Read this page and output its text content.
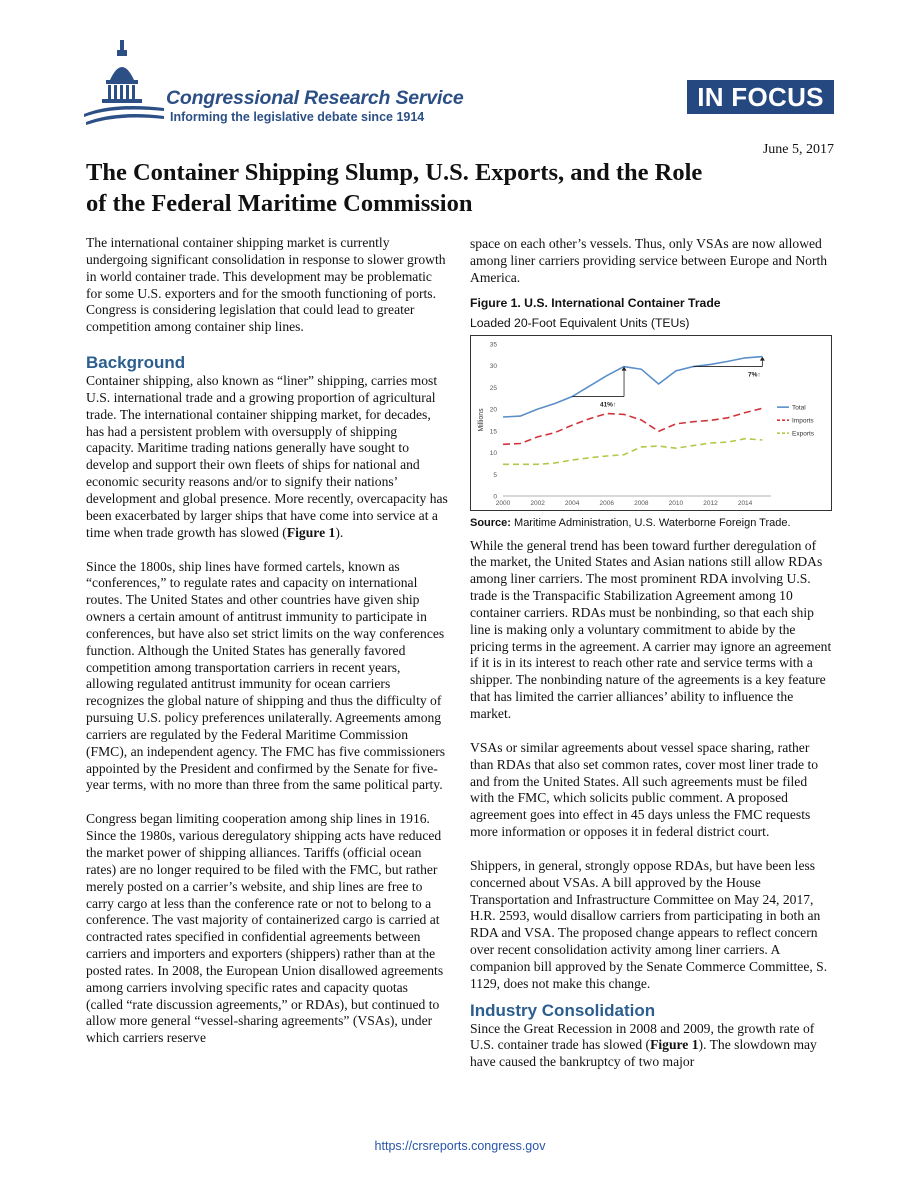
Congressional Research Service
Informing the legislative debate since 1914
IN FOCUS
June 5, 2017
The Container Shipping Slump, U.S. Exports, and the Role of the Federal Maritime Commission

The international container shipping market is currently undergoing significant consolidation in response to slower growth in world container trade. This development may be problematic for some U.S. exporters and for the smooth functioning of ports. Congress is considering legislation that could lead to greater competition among container ship lines.

Background

Container shipping, also known as “liner” shipping, carries most U.S. international trade and a growing proportion of agricultural trade. The international container shipping market, for decades, has had a persistent problem with oversupply of shipping capacity. Maritime trading nations generally have sought to develop and support their own fleets of ships for national and economic security reasons and/or to signify their nations’ development and global presence. More recently, overcapacity has been exacerbated by larger ships that have come into service at a time when trade growth has slowed (Figure 1).

Since the 1800s, ship lines have formed cartels, known as “conferences,” to regulate rates and capacity on international routes. The United States and other countries have given ship owners a certain amount of antitrust immunity to participate in conferences, but have also set strict limits on the way conferences function. Although the United States has generally favored competition among transportation carriers in recent years, allowing regulated antitrust immunity for ocean carriers recognizes the global nature of shipping and thus the difficulty of pursuing U.S. policy preferences unilaterally. Agreements among carriers are regulated by the Federal Maritime Commission (FMC), an independent agency. The FMC has five commissioners appointed by the President and confirmed by the Senate for five-year terms, with no more than three from the same political party.

Congress began limiting cooperation among ship lines in 1916. Since the 1980s, various deregulatory shipping acts have reduced the market power of shipping alliances. Tariffs (official ocean rates) are no longer required to be filed with the FMC, but rather merely posted on a carrier’s website, and ship lines are free to carry cargo at less than the conference rate or not to belong to a conference. The vast majority of containerized cargo is carried at contracted rates specified in confidential agreements between carriers and importers and exporters (shippers) rather than at the posted rates. In 2008, the European Union disallowed agreements among carriers involving specific rates and capacity quotas (called “rate discussion agreements,” or RDAs), but continued to allow more general “vessel-sharing agreements” (VSAs), under which carriers reserve

space on each other’s vessels. Thus, only VSAs are now allowed among liner carriers providing service between Europe and North America.

Figure 1. U.S. International Container Trade
Loaded 20-Foot Equivalent Units (TEUs)
0
5
10
15
20
25
30
35
2000	2002	2004	2006	2008	2010	2012	2014
Millions
41%↑
7%↑
Total
Imports
Exports
Source: Maritime Administration, U.S. Waterborne Foreign Trade.

While the general trend has been toward further deregulation of the market, the United States and Asian nations still allow RDAs among liner carriers. The most prominent RDA involving U.S. trade is the Transpacific Stabilization Agreement among 10 container carriers. RDAs must be nonbinding, so that each ship line is making only a voluntary commitment to abide by the pricing terms in the agreement. A carrier may ignore an agreement if it is in its interest to reach other rate and service terms with a shipper. The nonbinding nature of the agreements is a key feature that has limited the carrier alliances’ ability to influence the market.

VSAs or similar agreements about vessel space sharing, rather than RDAs that also set common rates, cover most liner trade to and from the United States. All such agreements must be filed with the FMC, which solicits public comment. A proposed agreement goes into effect in 45 days unless the FMC requests more information or opposes it in federal district court.

Shippers, in general, strongly oppose RDAs, but have been less concerned about VSAs. A bill approved by the House Transportation and Infrastructure Committee on May 24, 2017, H.R. 2593, would disallow carriers from participating in both an RDA and VSA. The proposed change appears to reflect concern over recent consolidation activity among liner carriers. A companion bill approved by the Senate Commerce Committee, S. 1129, does not make this change.

Industry Consolidation

Since the Great Recession in 2008 and 2009, the growth rate of U.S. container trade has slowed (Figure 1). The slowdown may have caused the bankruptcy of two major

https://crsreports.congress.gov
